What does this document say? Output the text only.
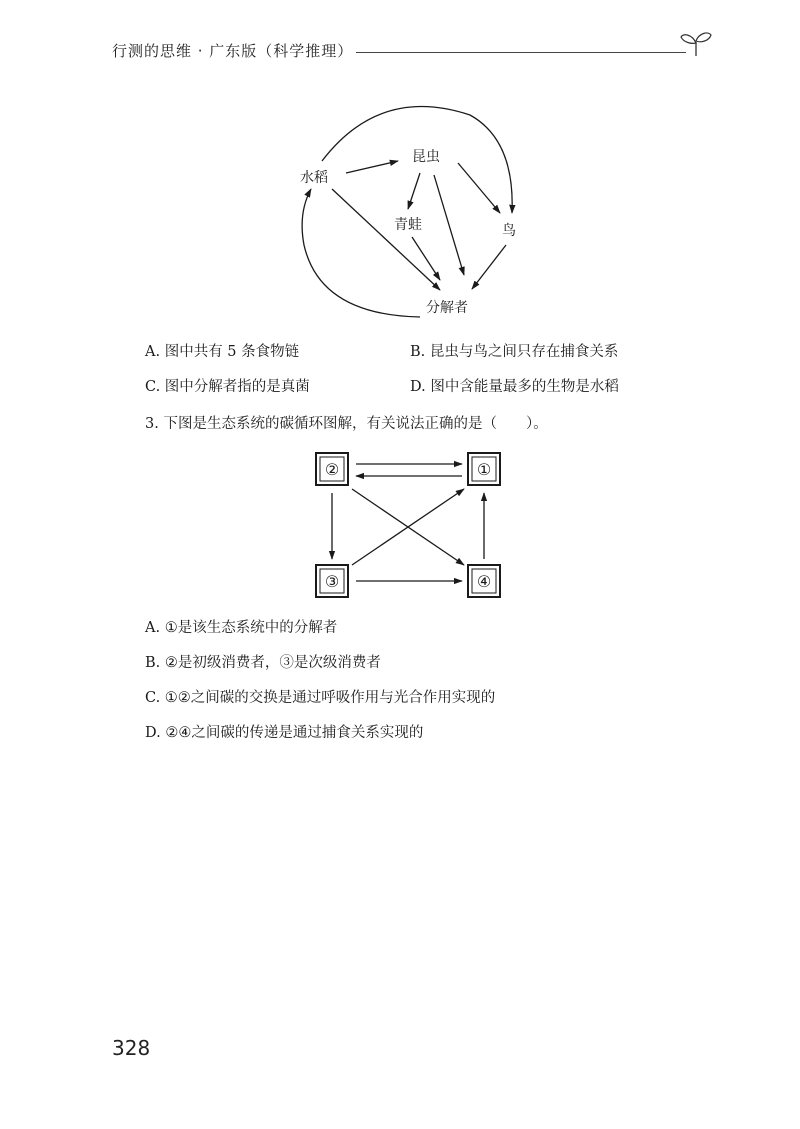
行测的思维 · 广东版（科学推理）
水稻
昆虫
青蛙	鸟
分解者
A. 图中共有 5 条食物链	B. 昆虫与鸟之间只存在捕食关系
C. 图中分解者指的是真菌	D. 图中含能量最多的生物是水稻
3. 下图是生态系统的碳循环图解，有关说法正确的是（　　）。
②	①
③	④
A. ①是该生态系统中的分解者
B. ②是初级消费者，③是次级消费者
C. ①②之间碳的交换是通过呼吸作用与光合作用实现的
D. ②④之间碳的传递是通过捕食关系实现的
328
